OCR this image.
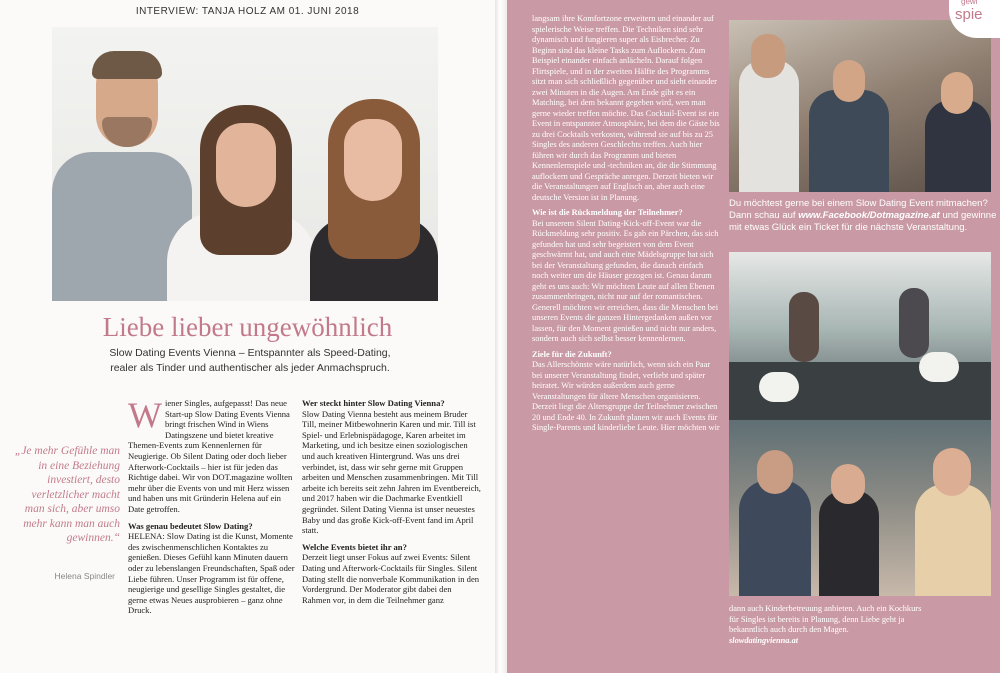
INTERVIEW: TANJA HOLZ AM 01. JUNI 2018
Liebe lieber ungewöhnlich
Slow Dating Events Vienna – Entspannter als Speed-Dating, realer als Tinder und authentischer als jeder Anmachspruch.
„Je mehr Gefühle man in eine Beziehung investiert, desto verletzlicher macht man sich, aber umso mehr kann man auch gewinnen.“
Helena Spindler
W iener Singles, aufgepasst! Das neue Start-up Slow Dating Events Vienna bringt frischen Wind in Wiens Datingszene und bietet kreative Themen-Events zum Kennenlernen für Neugierige. Ob Silent Dating oder doch lieber Afterwork-Cocktails – hier ist für jeden das Richtige dabei. Wir von DOT.magazine wollten mehr über die Events von und mit Herz wissen und haben uns mit Gründerin Helena auf ein Date getroffen.

Was genau bedeutet Slow Dating?

HELENA: Slow Dating ist die Kunst, Momente des zwischenmenschlichen Kontaktes zu genießen. Dieses Gefühl kann Minuten dauern oder zu lebenslangen Freundschaften, Spaß oder Liebe führen. Unser Programm ist für offene, neugierige und gesellige Singles gestaltet, die gerne etwas Neues ausprobieren – ganz ohne Druck.

Wer steckt hinter Slow Dating Vienna?

Slow Dating Vienna besteht aus meinem Bruder Till, meiner Mitbewohnerin Karen und mir. Till ist Spiel- und Erlebnispädagoge, Karen arbeitet im Marketing, und ich besitze einen soziologischen und auch kreativen Hintergrund. Was uns drei verbindet, ist, dass wir sehr gerne mit Gruppen arbeiten und Menschen zusammenbringen. Mit Till arbeite ich bereits seit zehn Jahren im Eventbereich, und 2017 haben wir die Dachmarke Eventkiell gegründet. Silent Dating Vienna ist unser neuestes Baby und das große Kick-off-Event fand im April statt.

Welche Events bietet ihr an?

Derzeit liegt unser Fokus auf zwei Events: Silent Dating und Afterwork-Cocktails für Singles. Silent Dating stellt die nonverbale Kommunikation in den Vordergrund. Der Moderator gibt dabei den Rahmen vor, in dem die Teilnehmer ganz

langsam ihre Komfortzone erweitern und einander auf spielerische Weise treffen. Die Techniken sind sehr dynamisch und fungieren super als Eisbrecher. Zu Beginn sind das kleine Tasks zum Auflockern. Zum Beispiel einander einfach anlächeln. Darauf folgen Flirtspiele, und in der zweiten Hälfte des Programms sitzt man sich schließlich gegenüber und sieht einander zwei Minuten in die Augen. Am Ende gibt es ein Matching, bei dem bekannt gegeben wird, wen man gerne wieder treffen möchte. Das Cocktail-Event ist ein Event in entspannter Atmosphäre, bei dem die Gäste bis zu drei Cocktails verkosten, während sie auf bis zu 25 Singles des anderen Geschlechts treffen. Auch hier führen wir durch das Programm und bieten Kennenlernspiele und -techniken an, die die Stimmung auflockern und Gespräche anregen. Derzeit bieten wir die Veranstaltungen auf Englisch an, aber auch eine deutsche Version ist in Planung.

Wie ist die Rückmeldung der Teilnehmer?

Bei unserem Silent Dating-Kick-off-Event war die Rückmeldung sehr positiv. Es gab ein Pärchen, das sich gefunden hat und sehr begeistert von dem Event geschwärmt hat, und auch eine Mädelsgruppe hat sich bei der Veranstaltung gefunden, die danach einfach noch weiter um die Häuser gezogen ist. Genau darum geht es uns auch: Wir möchten Leute auf allen Ebenen zusammenbringen, nicht nur auf der romantischen. Generell möchten wir erreichen, dass die Menschen bei unseren Events die ganzen Hintergedanken außen vor lassen, für den Moment genießen und nicht nur anders, sondern auch sich selbst besser kennenlernen.

Ziele für die Zukunft?

Das Allerschönste wäre natürlich, wenn sich ein Paar bei unserer Veranstaltung findet, verliebt und später heiratet. Wir würden außerdem auch gerne Veranstaltungen für ältere Menschen organisieren. Derzeit liegt die Altersgruppe der Teilnehmer zwischen 20 und Ende 40. In Zukunft planen wir auch Events für Single-Parents und kinderliebe Leute. Hier möchten wir

Du möchtest gerne bei einem Slow Dating Event mitmachen? Dann schau auf www.Facebook/Dotmagazine.at und gewinne mit etwas Glück ein Ticket für die nächste Veranstaltung.
dann auch Kinderbetreuung anbieten. Auch ein Kochkurs für Singles ist bereits in Planung, denn Liebe geht ja bekanntlich auch durch den Magen.
slowdatingvienna.at
gewi
spie
